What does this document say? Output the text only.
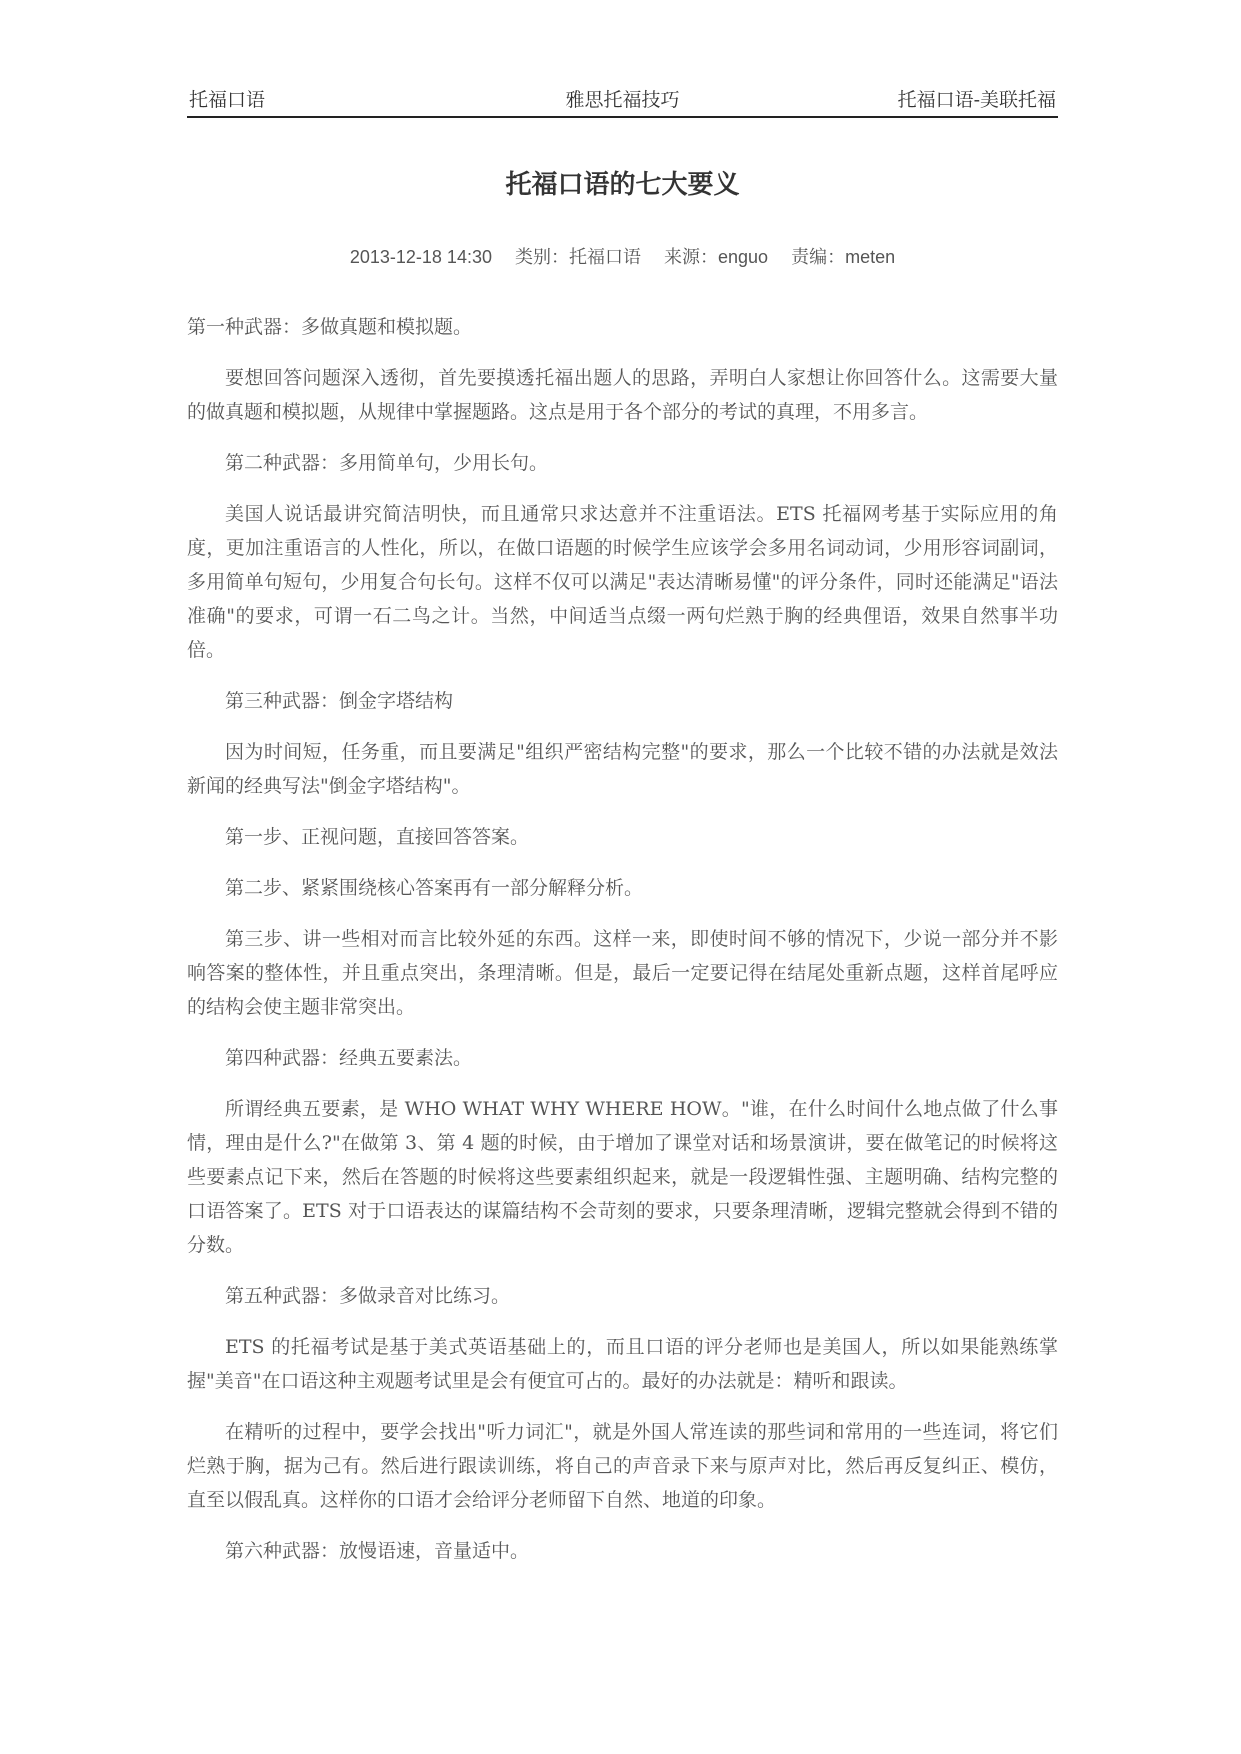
托福口语	雅思托福技巧	托福口语-美联托福
托福口语的七大要义
2013-12-18 14:30 类别：托福口语 来源：enguo 责编：meten

第一种武器：多做真题和模拟题。

要想回答问题深入透彻，首先要摸透托福出题人的思路，弄明白人家想让你回答什么。这需要大量的做真题和模拟题，从规律中掌握题路。这点是用于各个部分的考试的真理，不用多言。

第二种武器：多用简单句，少用长句。

美国人说话最讲究简洁明快，而且通常只求达意并不注重语法。ETS 托福网考基于实际应用的角度，更加注重语言的人性化，所以，在做口语题的时候学生应该学会多用名词动词，少用形容词副词，多用简单句短句，少用复合句长句。这样不仅可以满足"表达清晰易懂"的评分条件，同时还能满足"语法准确"的要求，可谓一石二鸟之计。当然，中间适当点缀一两句烂熟于胸的经典俚语，效果自然事半功倍。

第三种武器：倒金字塔结构

因为时间短，任务重，而且要满足"组织严密结构完整"的要求，那么一个比较不错的办法就是效法新闻的经典写法"倒金字塔结构"。

第一步、正视问题，直接回答答案。

第二步、紧紧围绕核心答案再有一部分解释分析。

第三步、讲一些相对而言比较外延的东西。这样一来，即使时间不够的情况下，少说一部分并不影响答案的整体性，并且重点突出，条理清晰。但是，最后一定要记得在结尾处重新点题，这样首尾呼应的结构会使主题非常突出。

第四种武器：经典五要素法。

所谓经典五要素，是 WHO WHAT WHY WHERE HOW。"谁，在什么时间什么地点做了什么事情，理由是什么?"在做第 3、第 4 题的时候，由于增加了课堂对话和场景演讲，要在做笔记的时候将这些要素点记下来，然后在答题的时候将这些要素组织起来，就是一段逻辑性强、主题明确、结构完整的口语答案了。ETS 对于口语表达的谋篇结构不会苛刻的要求，只要条理清晰，逻辑完整就会得到不错的分数。

第五种武器：多做录音对比练习。

ETS 的托福考试是基于美式英语基础上的，而且口语的评分老师也是美国人，所以如果能熟练掌握"美音"在口语这种主观题考试里是会有便宜可占的。最好的办法就是：精听和跟读。

在精听的过程中，要学会找出"听力词汇"，就是外国人常连读的那些词和常用的一些连词，将它们烂熟于胸，据为己有。然后进行跟读训练，将自己的声音录下来与原声对比，然后再反复纠正、模仿，直至以假乱真。这样你的口语才会给评分老师留下自然、地道的印象。

第六种武器：放慢语速，音量适中。
